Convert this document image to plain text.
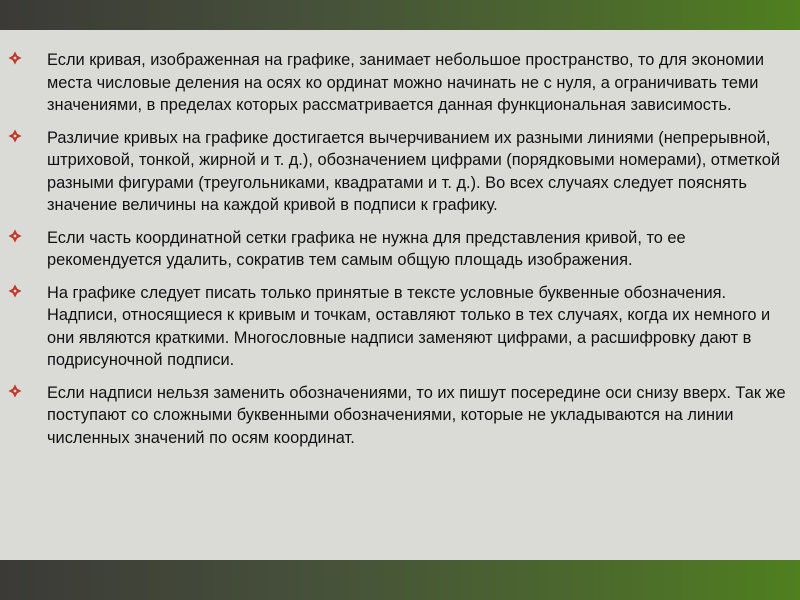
Если кривая, изображенная на графике, занимает небольшое пространство, то для экономии места числовые деления на осях ко ординат можно начинать не с нуля, а ограничивать теми значениями, в пределах которых рассматривается данная функциональная зависимость.
Различие кривых на графике достигается вычерчиванием их разными линиями (непрерывной, штриховой, тонкой, жирной и т. д.), обозначением цифрами (порядковыми номерами), отметкой разными фигурами (треугольниками, квадратами и т. д.). Во всех случаях следует пояснять значение величины на каждой кривой в подписи к графику.
Если часть координатной сетки графика не нужна для представления кривой, то ее рекомендуется удалить, сократив тем самым общую площадь изображения.
На графике следует писать только принятые в тексте условные буквенные обозначения. Надписи, относящиеся к кривым и точкам, оставляют только в тех случаях, когда их немного и они являются краткими. Многословные надписи заменяют цифрами, а расшифровку дают в подрисуночной подписи.
Если надписи нельзя заменить обозначениями, то их пишут посередине оси снизу вверх. Так же поступают со сложными буквенными обозначениями, которые не укладываются на линии численных значений по осям координат.
